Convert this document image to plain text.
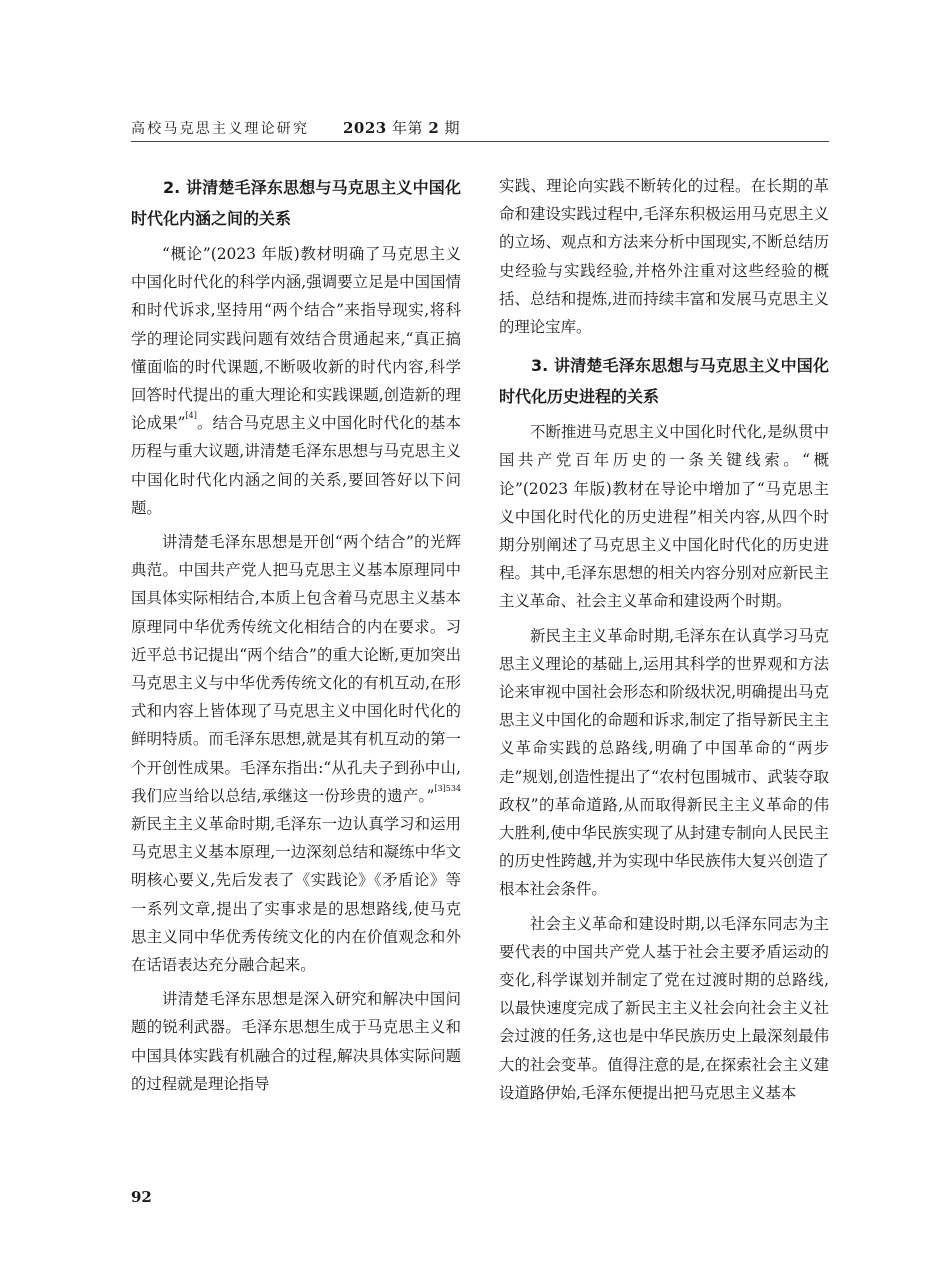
高校马克思主义理论研究 2023 年第 2 期
2. 讲清楚毛泽东思想与马克思主义中国化时代化内涵之间的关系

“概论”(2023 年版)教材明确了马克思主义中国化时代化的科学内涵,强调要立足是中国国情和时代诉求,坚持用“两个结合”来指导现实,将科学的理论同实践问题有效结合贯通起来,“真正搞懂面临的时代课题,不断吸收新的时代内容,科学回答时代提出的重大理论和实践课题,创造新的理论成果”[4]。结合马克思主义中国化时代化的基本历程与重大议题,讲清楚毛泽东思想与马克思主义中国化时代化内涵之间的关系,要回答好以下问题。

讲清楚毛泽东思想是开创“两个结合”的光辉典范。中国共产党人把马克思主义基本原理同中国具体实际相结合,本质上包含着马克思主义基本原理同中华优秀传统文化相结合的内在要求。习近平总书记提出“两个结合”的重大论断,更加突出马克思主义与中华优秀传统文化的有机互动,在形式和内容上皆体现了马克思主义中国化时代化的鲜明特质。而毛泽东思想,就是其有机互动的第一个开创性成果。毛泽东指出:“从孔夫子到孙中山,我们应当给以总结,承继这一份珍贵的遗产。”$^{[3]534}$ 新民主主义革命时期,毛泽东一边认真学习和运用马克思主义基本原理,一边深刻总结和凝练中华文明核心要义,先后发表了《实践论》《矛盾论》等一系列文章,提出了实事求是的思想路线,使马克思主义同中华优秀传统文化的内在价值观念和外在话语表达充分融合起来。

讲清楚毛泽东思想是深入研究和解决中国问题的锐利武器。毛泽东思想生成于马克思主义和中国具体实践有机融合的过程,解决具体实际问题的过程就是理论指导

实践、理论向实践不断转化的过程。在长期的革命和建设实践过程中,毛泽东积极运用马克思主义的立场、观点和方法来分析中国现实,不断总结历史经验与实践经验,并格外注重对这些经验的概括、总结和提炼,进而持续丰富和发展马克思主义的理论宝库。

3. 讲清楚毛泽东思想与马克思主义中国化时代化历史进程的关系

不断推进马克思主义中国化时代化,是纵贯中国共产党百年历史的一条关键线索。“概论”(2023 年版)教材在导论中增加了“马克思主义中国化时代化的历史进程”相关内容,从四个时期分别阐述了马克思主义中国化时代化的历史进程。其中,毛泽东思想的相关内容分别对应新民主主义革命、社会主义革命和建设两个时期。

新民主主义革命时期,毛泽东在认真学习马克思主义理论的基础上,运用其科学的世界观和方法论来审视中国社会形态和阶级状况,明确提出马克思主义中国化的命题和诉求,制定了指导新民主主义革命实践的总路线,明确了中国革命的“两步走”规划,创造性提出了“农村包围城市、武装夺取政权”的革命道路,从而取得新民主主义革命的伟大胜利,使中华民族实现了从封建专制向人民民主的历史性跨越,并为实现中华民族伟大复兴创造了根本社会条件。

社会主义革命和建设时期,以毛泽东同志为主要代表的中国共产党人基于社会主要矛盾运动的变化,科学谋划并制定了党在过渡时期的总路线,以最快速度完成了新民主主义社会向社会主义社会过渡的任务,这也是中华民族历史上最深刻最伟大的社会变革。值得注意的是,在探索社会主义建设道路伊始,毛泽东便提出把马克思主义基本

92
